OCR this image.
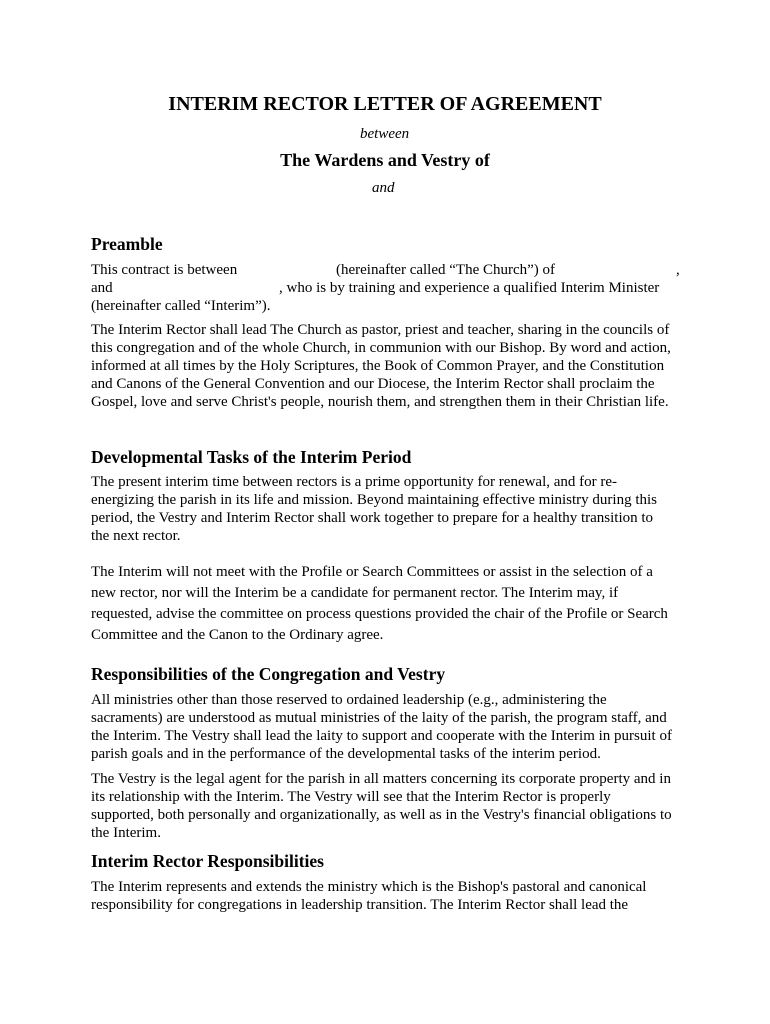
INTERIM RECTOR LETTER OF AGREEMENT
between
The Wardens and Vestry of
and
Preamble
This contract is between	(hereinafter called “The Church”) of	,
and	, who is by training and experience a qualified Interim Minister
(hereinafter called “Interim”).
The Interim Rector shall lead The Church as pastor, priest and teacher, sharing in the councils of
this congregation and of the whole Church, in communion with our Bishop. By word and action,
informed at all times by the Holy Scriptures, the Book of Common Prayer, and the Constitution
and Canons of the General Convention and our Diocese, the Interim Rector shall proclaim the
Gospel, love and serve Christ's people, nourish them, and strengthen them in their Christian life.
Developmental Tasks of the Interim Period
The present interim time between rectors is a prime opportunity for renewal, and for re-
energizing the parish in its life and mission. Beyond maintaining effective ministry during this
period, the Vestry and Interim Rector shall work together to prepare for a healthy transition to
the next rector.
The Interim will not meet with the Profile or Search Committees or assist in the selection of a
new rector, nor will the Interim be a candidate for permanent rector. The Interim may, if
requested, advise the committee on process questions provided the chair of the Profile or Search
Committee and the Canon to the Ordinary agree.
Responsibilities of the Congregation and Vestry
All ministries other than those reserved to ordained leadership (e.g., administering the
sacraments) are understood as mutual ministries of the laity of the parish, the program staff, and
the Interim. The Vestry shall lead the laity to support and cooperate with the Interim in pursuit of
parish goals and in the performance of the developmental tasks of the interim period.
The Vestry is the legal agent for the parish in all matters concerning its corporate property and in
its relationship with the Interim. The Vestry will see that the Interim Rector is properly
supported, both personally and organizationally, as well as in the Vestry's financial obligations to
the Interim.
Interim Rector Responsibilities
The Interim represents and extends the ministry which is the Bishop's pastoral and canonical
responsibility for congregations in leadership transition. The Interim Rector shall lead the
